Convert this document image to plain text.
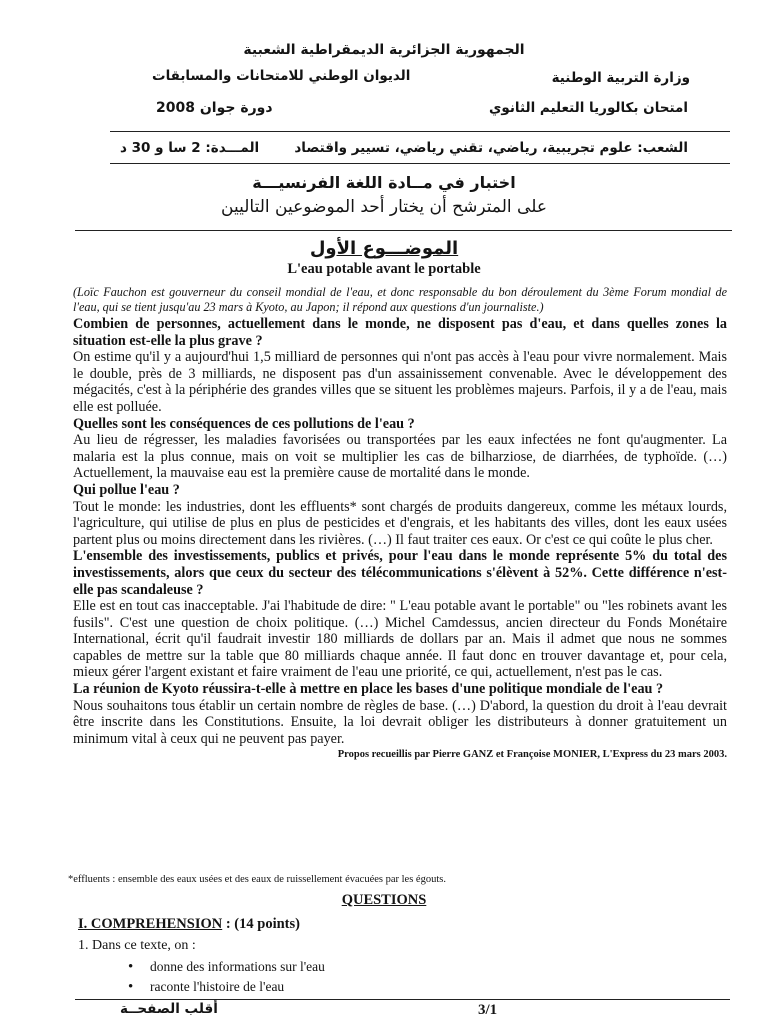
الجمهورية الجزائرية الديمقراطية الشعبية
وزارة التربية الوطنية
الديوان الوطني للامتحانات والمسابقات
امتحان بكالوريا التعليم الثانوي
دورة جوان 2008
الشعب: علوم تجريبية، رياضي، تقني رياضي، تسيير واقتصاد
المـــدة: 2 سا و 30 د
اختبار في مــادة اللغة الفرنسيـــة
على المترشح أن يختار أحد الموضوعين التاليين
الموضـــوع الأول
L'eau potable avant le portable

(Loïc Fauchon est gouverneur du conseil mondial de l'eau, et donc responsable du bon déroulement du 3ème Forum mondial de l'eau, qui se tient jusqu'au 23 mars à Kyoto, au Japon; il répond aux questions d'un journaliste.)

Combien de personnes, actuellement dans le monde, ne disposent pas d'eau, et dans quelles zones la situation est-elle la plus grave ?

On estime qu'il y a aujourd'hui 1,5 milliard de personnes qui n'ont pas accès à l'eau pour vivre normalement. Mais le double, près de 3 milliards, ne disposent pas d'un assainissement convenable. Avec le développement des mégacités, c'est à la périphérie des grandes villes que se situent les problèmes majeurs. Parfois, il y a de l'eau, mais elle est polluée.

Quelles sont les conséquences de ces pollutions de l'eau ?

Au lieu de régresser, les maladies favorisées ou transportées par les eaux infectées ne font qu'augmenter. La malaria est la plus connue, mais on voit se multiplier les cas de bilharziose, de diarrhées, de typhoïde. (…) Actuellement, la mauvaise eau est la première cause de mortalité dans le monde.

Qui pollue l'eau ?

Tout le monde: les industries, dont les effluents* sont chargés de produits dangereux, comme les métaux lourds, l'agriculture, qui utilise de plus en plus de pesticides et d'engrais, et les habitants des villes, dont les eaux usées partent plus ou moins directement dans les rivières. (…) Il faut traiter ces eaux. Or c'est ce qui coûte le plus cher.

L'ensemble des investissements, publics et privés, pour l'eau dans le monde représente 5% du total des investissements, alors que ceux du secteur des télécommunications s'élèvent à 52%. Cette différence n'est-elle pas scandaleuse ?

Elle est en tout cas inacceptable. J'ai l'habitude de dire: " L'eau potable avant le portable" ou "les robinets avant les fusils". C'est une question de choix politique. (…) Michel Camdessus, ancien directeur du Fonds Monétaire International, écrit qu'il faudrait investir 180 milliards de dollars par an. Mais il admet que nous ne sommes capables de mettre sur la table que 80 milliards chaque année. Il faut donc en trouver davantage et, pour cela, mieux gérer l'argent existant et faire vraiment de l'eau une priorité, ce qui, actuellement, n'est pas le cas.

La réunion de Kyoto réussira-t-elle à mettre en place les bases d'une politique mondiale de l'eau ?

Nous souhaitons tous établir un certain nombre de règles de base. (…) D'abord, la question du droit à l'eau devrait être inscrite dans les Constitutions. Ensuite, la loi devrait obliger les distributeurs à donner gratuitement un minimum vital à ceux qui ne peuvent pas payer.

Propos recueillis par Pierre GANZ et Françoise MONIER, L'Express du 23 mars 2003.

*effluents : ensemble des eaux usées et des eaux de ruissellement évacuées par les égouts.
QUESTIONS
I. COMPREHENSION : (14 points)
1. Dans ce texte, on :
• donne des informations sur l'eau
• raconte l'histoire de l'eau
أقلب الصفحــة	3/1
